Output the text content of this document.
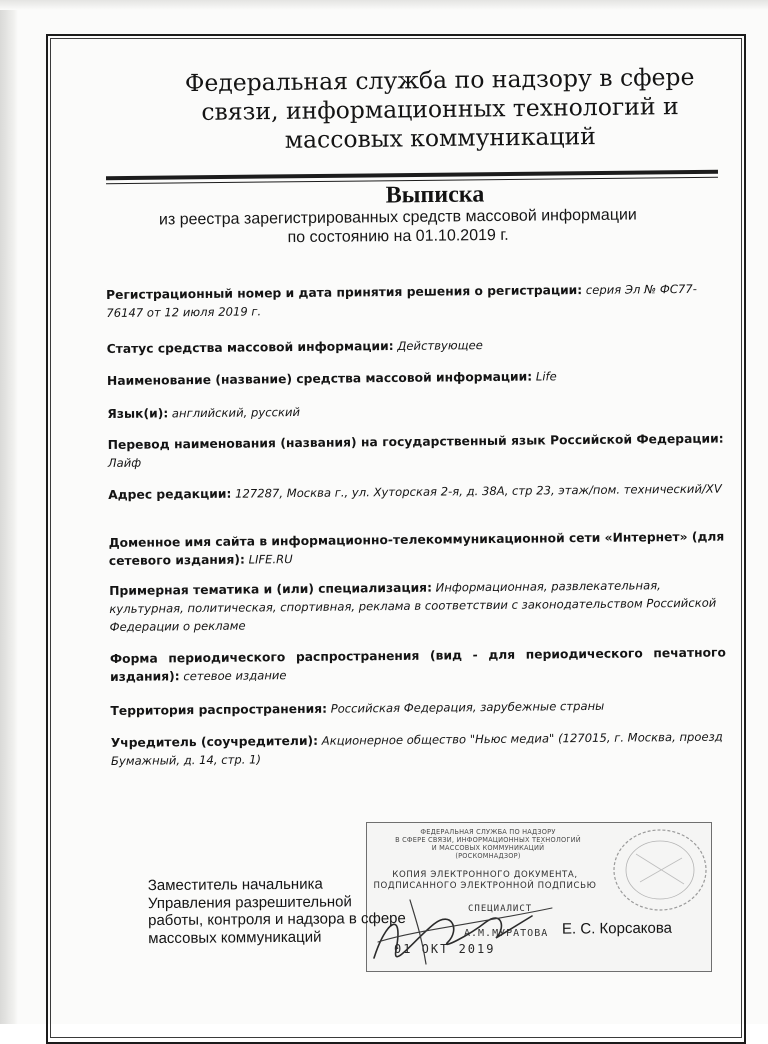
Федеральная служба по надзору в сфере
связи, информационных технологий и
массовых коммуникаций
Выписка
из реестра зарегистрированных средств массовой информации
по состоянию на 01.10.2019 г.

Регистрационный номер и дата принятия решения о регистрации: серия Эл № ФС77-76147 от 12 июля 2019 г.

Статус средства массовой информации: Действующее

Наименование (название) средства массовой информации: Life

Язык(и): английский, русский

Перевод наименования (названия) на государственный язык Российской Федерации: Лайф

Адрес редакции: 127287, Москва г., ул. Хуторская 2-я, д. 38А, стр 23, этаж/пом. технический/XV

Доменное имя сайта в информационно-телекоммуникационной сети «Интернет» (для сетевого издания): LIFE.RU

Примерная тематика и (или) специализация: Информационная, развлекательная, культурная, политическая, спортивная, реклама в соответствии с законодательством Российской Федерации о рекламе

Форма периодического распространения (вид - для периодического печатного издания): сетевое издание

Территория распространения: Российская Федерация, зарубежные страны

Учредитель (соучредители): Акционерное общество "Ньюс медиа" (127015, г. Москва, проезд Бумажный, д. 14, стр. 1)

ФЕДЕРАЛЬНАЯ СЛУЖБА ПО НАДЗОРУ
В СФЕРЕ СВЯЗИ, ИНФОРМАЦИОННЫХ ТЕХНОЛОГИЙ
И МАССОВЫХ КОММУНИКАЦИЙ
(РОСКОМНАДЗОР)
КОПИЯ ЭЛЕКТРОННОГО ДОКУМЕНТА,
ПОДПИСАННОГО ЭЛЕКТРОННОЙ ПОДПИСЬЮ
СПЕЦИАЛИСТ
А.М.МУРАТОВА
01 ОКТ 2019
Заместитель начальника
Управления разрешительной
работы, контроля и надзора в сфере
массовых коммуникаций	Е. С. Корсакова
